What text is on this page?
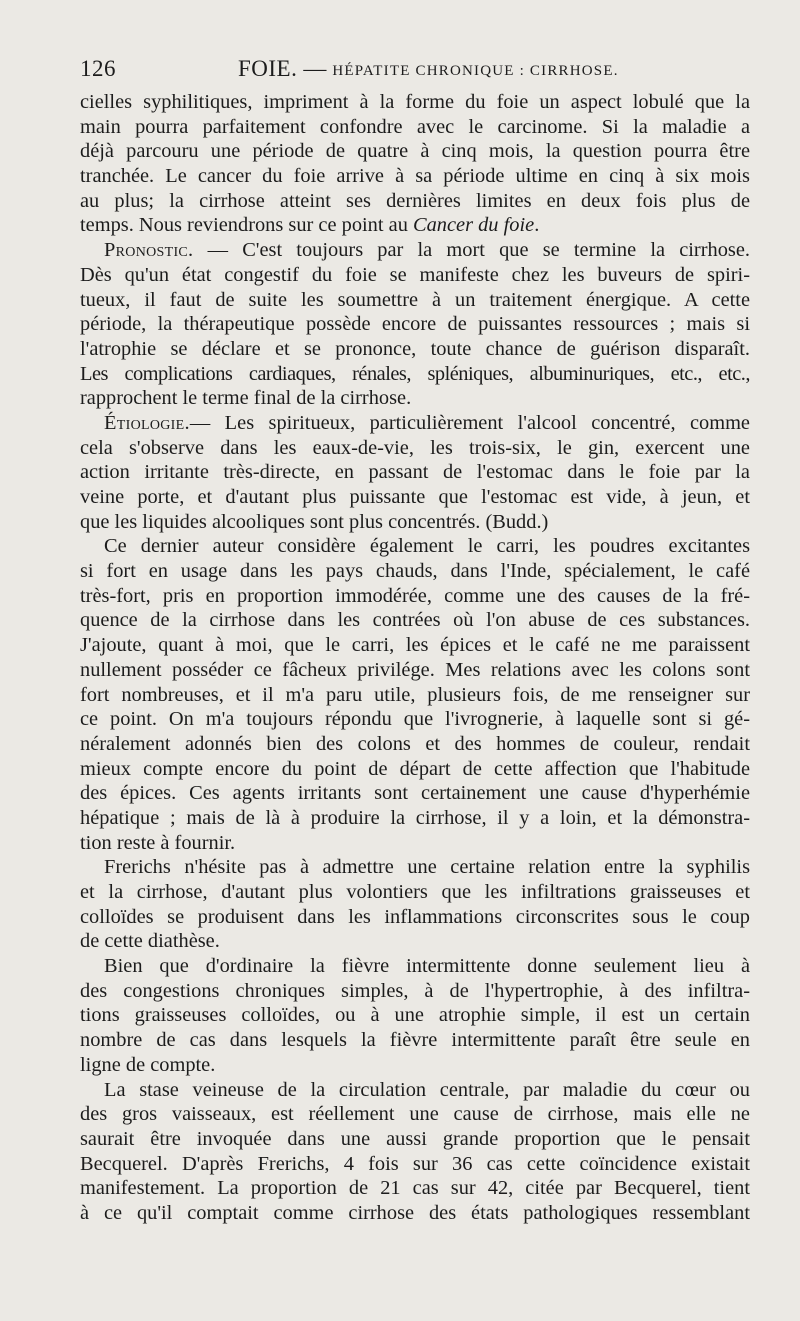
126	FOIE. — HÉPATITE CHRONIQUE : CIRRHOSE.
cielles syphilitiques, impriment à la forme du foie un aspect lobulé que la
main pourra parfaitement confondre avec le carcinome. Si la maladie a
déjà parcouru une période de quatre à cinq mois, la question pourra être
tranchée. Le cancer du foie arrive à sa période ultime en cinq à six mois
au plus; la cirrhose atteint ses dernières limites en deux fois plus de
temps. Nous reviendrons sur ce point au Cancer du foie.
Pronostic. — C'est toujours par la mort que se termine la cirrhose.
Dès qu'un état congestif du foie se manifeste chez les buveurs de spiri-
tueux, il faut de suite les soumettre à un traitement énergique. A cette
période, la thérapeutique possède encore de puissantes ressources ; mais si
l'atrophie se déclare et se prononce, toute chance de guérison disparaît.
Les complications cardiaques, rénales, spléniques, albuminuriques, etc., etc.,
rapprochent le terme final de la cirrhose.
Étiologie.— Les spiritueux, particulièrement l'alcool concentré, comme
cela s'observe dans les eaux-de-vie, les trois-six, le gin, exercent une
action irritante très-directe, en passant de l'estomac dans le foie par la
veine porte, et d'autant plus puissante que l'estomac est vide, à jeun, et
que les liquides alcooliques sont plus concentrés. (Budd.)
Ce dernier auteur considère également le carri, les poudres excitantes
si fort en usage dans les pays chauds, dans l'Inde, spécialement, le café
très-fort, pris en proportion immodérée, comme une des causes de la fré-
quence de la cirrhose dans les contrées où l'on abuse de ces substances.
J'ajoute, quant à moi, que le carri, les épices et le café ne me paraissent
nullement posséder ce fâcheux privilége. Mes relations avec les colons sont
fort nombreuses, et il m'a paru utile, plusieurs fois, de me renseigner sur
ce point. On m'a toujours répondu que l'ivrognerie, à laquelle sont si gé-
néralement adonnés bien des colons et des hommes de couleur, rendait
mieux compte encore du point de départ de cette affection que l'habitude
des épices. Ces agents irritants sont certainement une cause d'hyperhémie
hépatique ; mais de là à produire la cirrhose, il y a loin, et la démonstra-
tion reste à fournir.
Frerichs n'hésite pas à admettre une certaine relation entre la syphilis
et la cirrhose, d'autant plus volontiers que les infiltrations graisseuses et
colloïdes se produisent dans les inflammations circonscrites sous le coup
de cette diathèse.
Bien que d'ordinaire la fièvre intermittente donne seulement lieu à
des congestions chroniques simples, à de l'hypertrophie, à des infiltra-
tions graisseuses colloïdes, ou à une atrophie simple, il est un certain
nombre de cas dans lesquels la fièvre intermittente paraît être seule en
ligne de compte.
La stase veineuse de la circulation centrale, par maladie du cœur ou
des gros vaisseaux, est réellement une cause de cirrhose, mais elle ne
saurait être invoquée dans une aussi grande proportion que le pensait
Becquerel. D'après Frerichs, 4 fois sur 36 cas cette coïncidence existait
manifestement. La proportion de 21 cas sur 42, citée par Becquerel, tient
à ce qu'il comptait comme cirrhose des états pathologiques ressemblant
